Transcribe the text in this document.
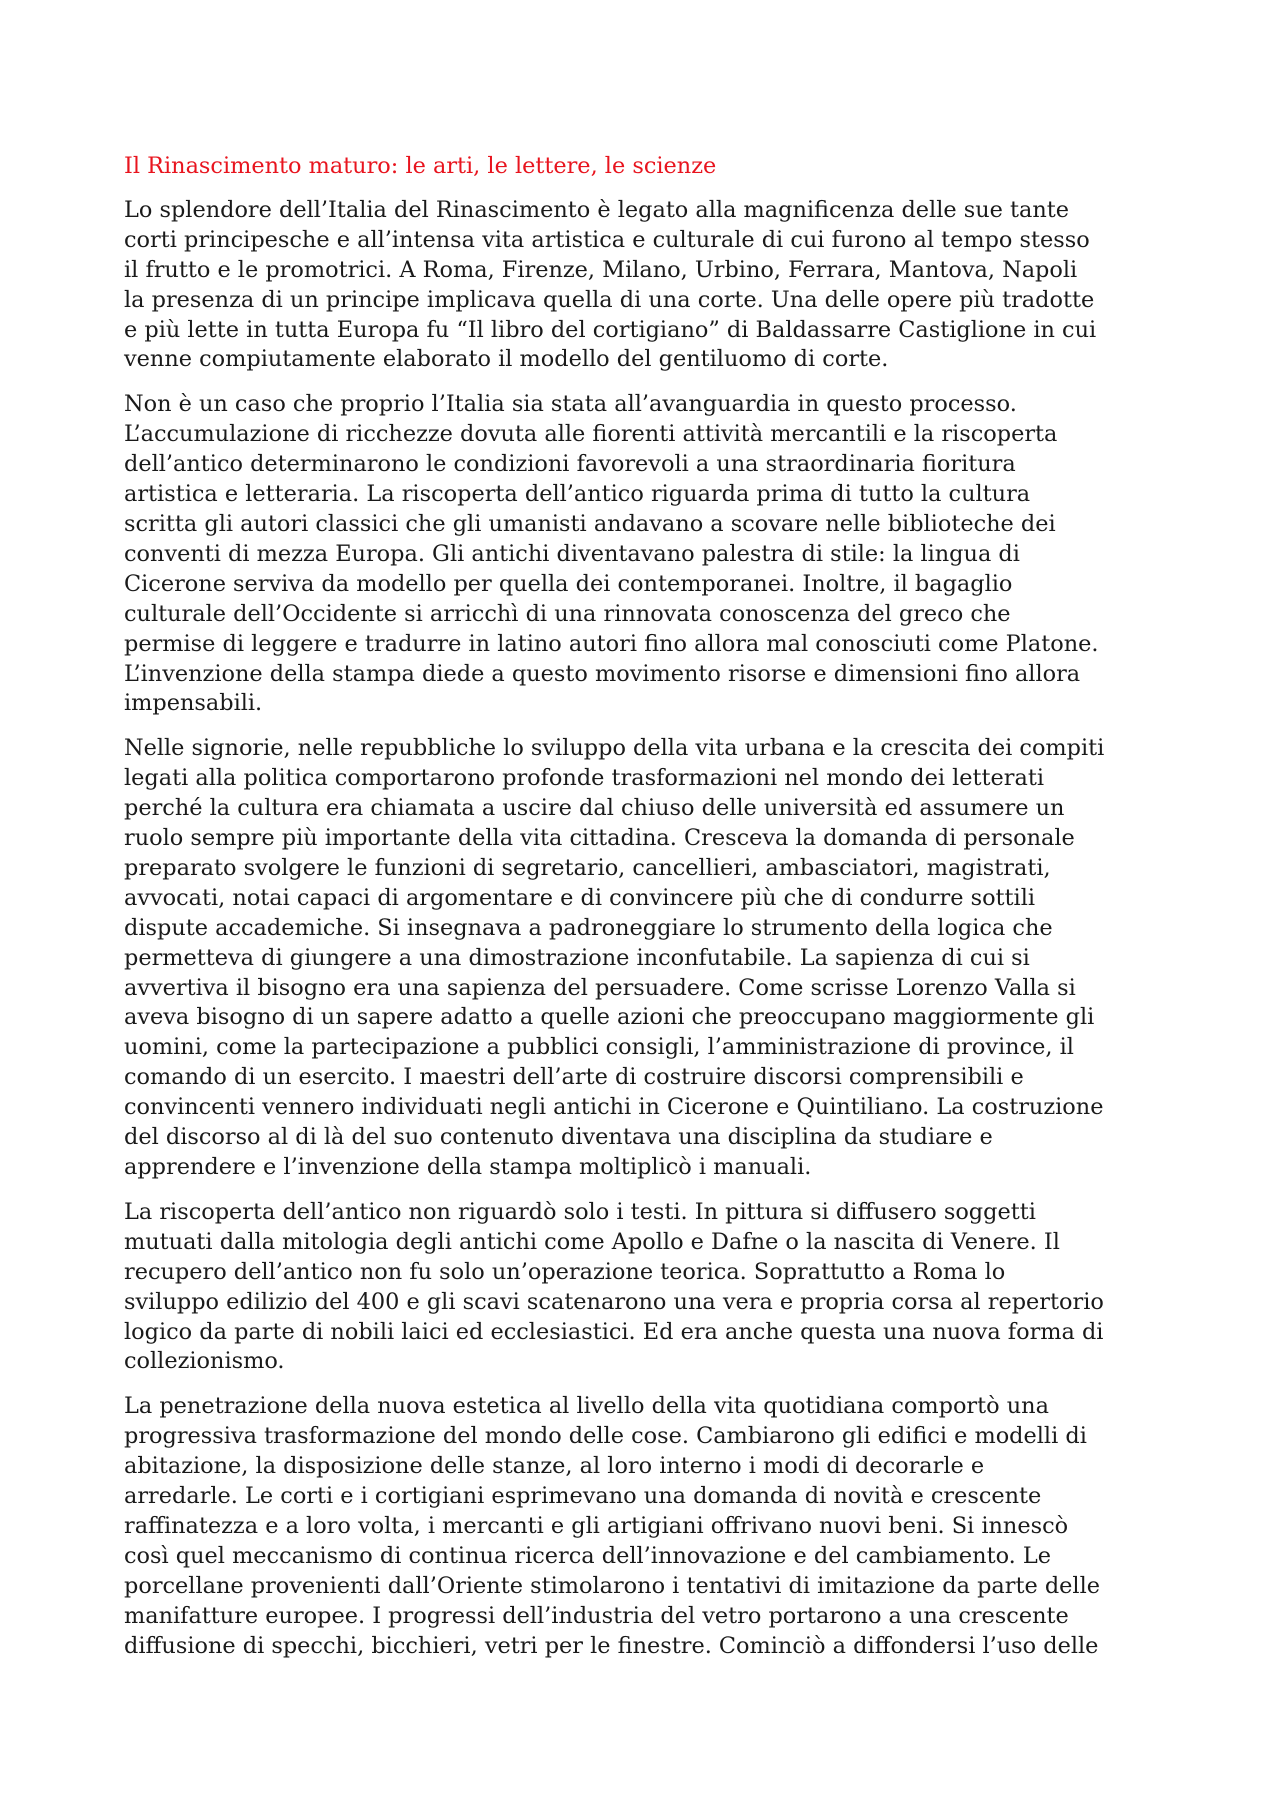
Il Rinascimento maturo: le arti, le lettere, le scienze
Lo splendore dell’Italia del Rinascimento è legato alla magnificenza delle sue tante
corti principesche e all’intensa vita artistica e culturale di cui furono al tempo stesso
il frutto e le promotrici. A Roma, Firenze, Milano, Urbino, Ferrara, Mantova, Napoli
la presenza di un principe implicava quella di una corte. Una delle opere più tradotte
e più lette in tutta Europa fu “Il libro del cortigiano” di Baldassarre Castiglione in cui
venne compiutamente elaborato il modello del gentiluomo di corte.
Non è un caso che proprio l’Italia sia stata all’avanguardia in questo processo.
L’accumulazione di ricchezze dovuta alle fiorenti attività mercantili e la riscoperta
dell’antico determinarono le condizioni favorevoli a una straordinaria fioritura
artistica e letteraria. La riscoperta dell’antico riguarda prima di tutto la cultura
scritta gli autori classici che gli umanisti andavano a scovare nelle biblioteche dei
conventi di mezza Europa. Gli antichi diventavano palestra di stile: la lingua di
Cicerone serviva da modello per quella dei contemporanei. Inoltre, il bagaglio
culturale dell’Occidente si arricchì di una rinnovata conoscenza del greco che
permise di leggere e tradurre in latino autori fino allora mal conosciuti come Platone.
L’invenzione della stampa diede a questo movimento risorse e dimensioni fino allora
impensabili.
Nelle signorie, nelle repubbliche lo sviluppo della vita urbana e la crescita dei compiti
legati alla politica comportarono profonde trasformazioni nel mondo dei letterati
perché la cultura era chiamata a uscire dal chiuso delle università ed assumere un
ruolo sempre più importante della vita cittadina. Cresceva la domanda di personale
preparato svolgere le funzioni di segretario, cancellieri, ambasciatori, magistrati,
avvocati, notai capaci di argomentare e di convincere più che di condurre sottili
dispute accademiche. Si insegnava a padroneggiare lo strumento della logica che
permetteva di giungere a una dimostrazione inconfutabile. La sapienza di cui si
avvertiva il bisogno era una sapienza del persuadere. Come scrisse Lorenzo Valla si
aveva bisogno di un sapere adatto a quelle azioni che preoccupano maggiormente gli
uomini, come la partecipazione a pubblici consigli, l’amministrazione di province, il
comando di un esercito. I maestri dell’arte di costruire discorsi comprensibili e
convincenti vennero individuati negli antichi in Cicerone e Quintiliano. La costruzione
del discorso al di là del suo contenuto diventava una disciplina da studiare e
apprendere e l’invenzione della stampa moltiplicò i manuali.
La riscoperta dell’antico non riguardò solo i testi. In pittura si diffusero soggetti
mutuati dalla mitologia degli antichi come Apollo e Dafne o la nascita di Venere. Il
recupero dell’antico non fu solo un’operazione teorica. Soprattutto a Roma lo
sviluppo edilizio del 400 e gli scavi scatenarono una vera e propria corsa al repertorio
logico da parte di nobili laici ed ecclesiastici. Ed era anche questa una nuova forma di
collezionismo.
La penetrazione della nuova estetica al livello della vita quotidiana comportò una
progressiva trasformazione del mondo delle cose. Cambiarono gli edifici e modelli di
abitazione, la disposizione delle stanze, al loro interno i modi di decorarle e
arredarle. Le corti e i cortigiani esprimevano una domanda di novità e crescente
raffinatezza e a loro volta, i mercanti e gli artigiani offrivano nuovi beni. Si innescò
così quel meccanismo di continua ricerca dell’innovazione e del cambiamento. Le
porcellane provenienti dall’Oriente stimolarono i tentativi di imitazione da parte delle
manifatture europee. I progressi dell’industria del vetro portarono a una crescente
diffusione di specchi, bicchieri, vetri per le finestre. Cominciò a diffondersi l’uso delle
